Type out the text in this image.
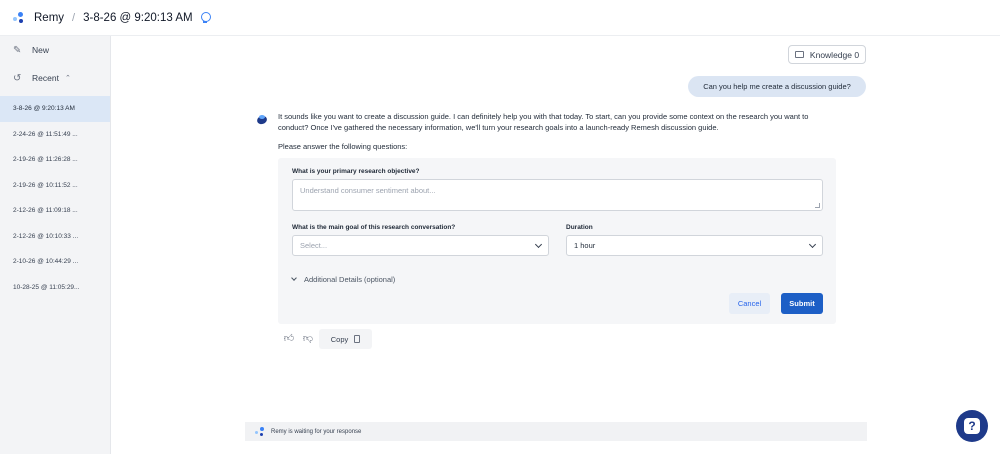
Remy / 3-8-26 @ 9:20:13 AM
✎	New
↺	Recent ⌃
3-8-26 @ 9:20:13 AM
2-24-26 @ 11:51:49 ...
2-19-26 @ 11:26:28 ...
2-19-26 @ 10:11:52 ...
2-12-26 @ 11:09:18 ...
2-12-26 @ 10:10:33 ...
2-10-26 @ 10:44:29 ...
10-28-25 @ 11:05:29...
Knowledge 0
Can you help me create a discussion guide?
It sounds like you want to create a discussion guide. I can definitely help you with that today. To start, can you provide some context on the research you want to conduct? Once I've gathered the necessary information, we'll turn your research goals into a launch-ready Remesh discussion guide.
Please answer the following questions:
What is your primary research objective?
Understand consumer sentiment about...
What is the main goal of this research conversation?
Select...
Duration
1 hour
Additional Details (optional)
Cancel	Submit
👍︎ 👎︎ Copy
Remy is waiting for your response	?
